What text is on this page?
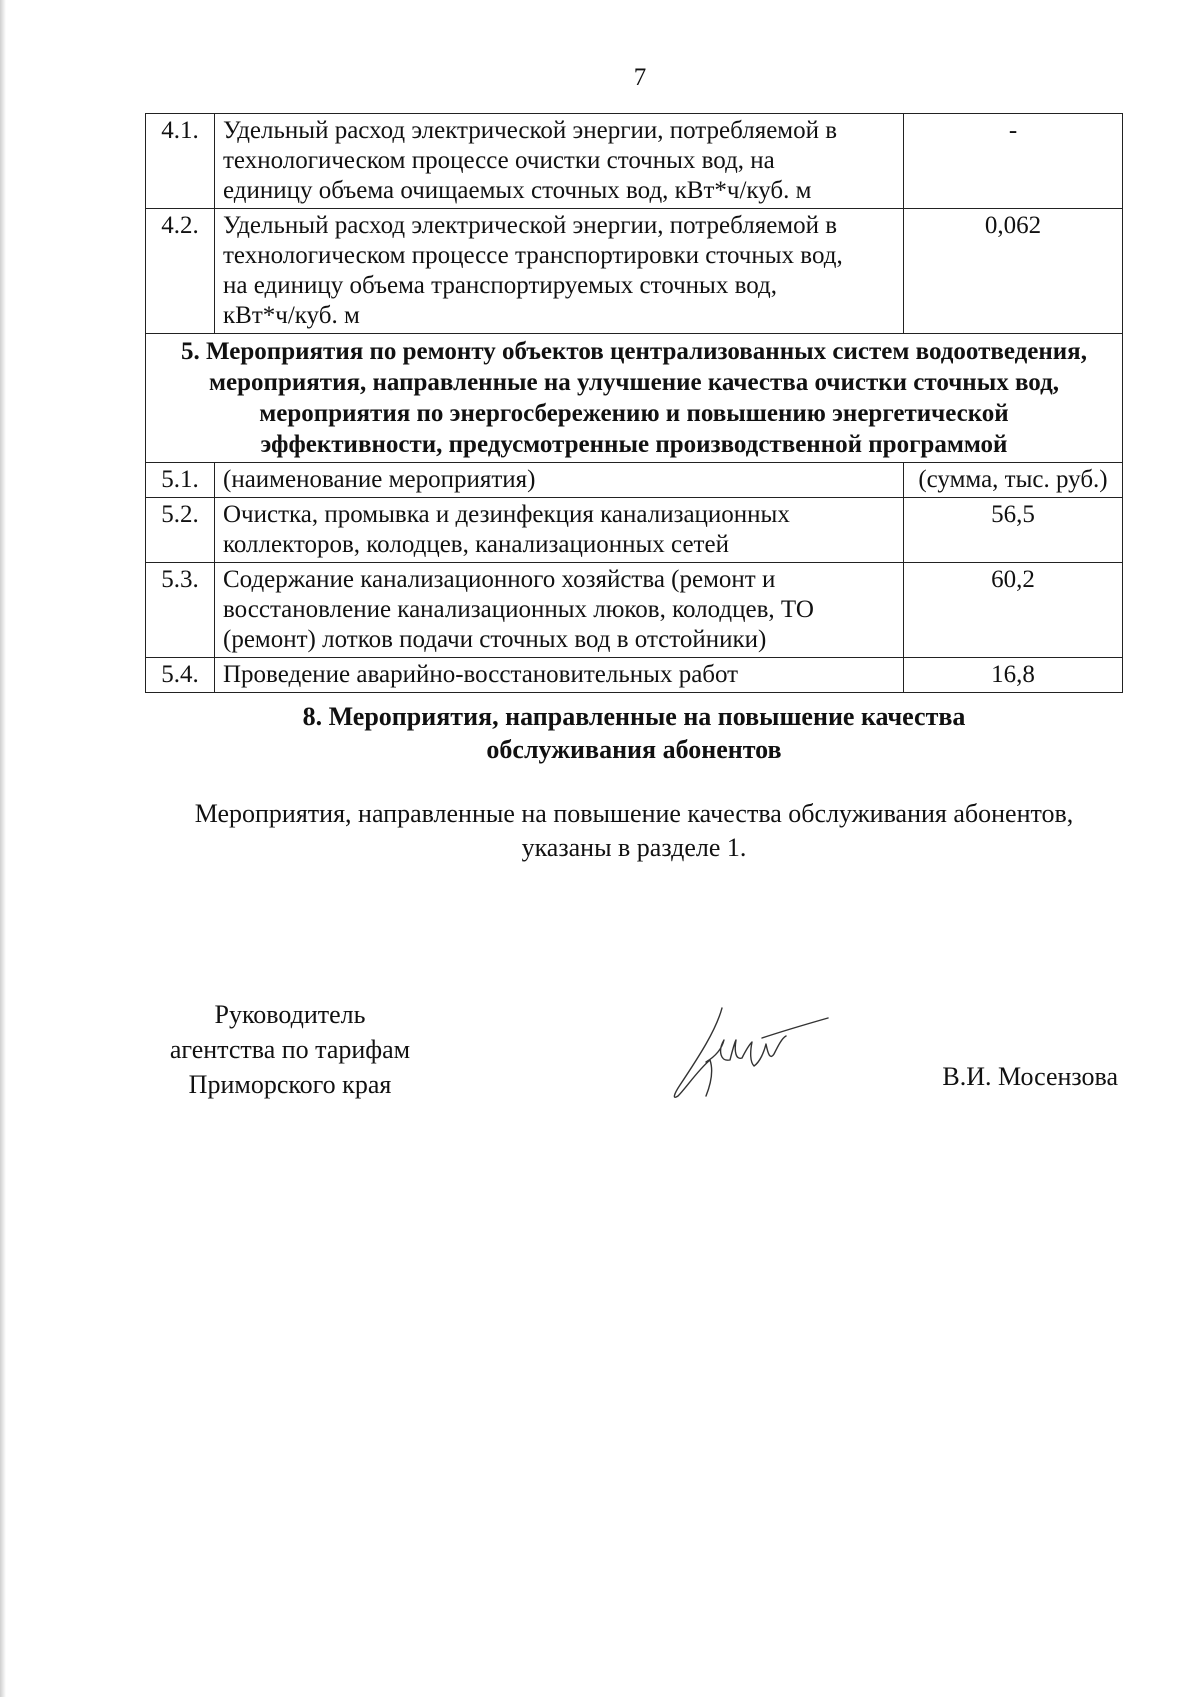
7
4.1.	Удельный расход электрической энергии, потребляемой в
технологическом процессе очистки сточных вод, на
единицу объема очищаемых сточных вод, кВт*ч/куб. м	-
4.2.	Удельный расход электрической энергии, потребляемой в
технологическом процессе транспортировки сточных вод,
на единицу объема транспортируемых сточных вод,
кВт*ч/куб. м	0,062
5. Мероприятия по ремонту объектов централизованных систем водоотведения,
мероприятия, направленные на улучшение качества очистки сточных вод,
мероприятия по энергосбережению и повышению энергетической
эффективности, предусмотренные производственной программой		
5.1.	(наименование мероприятия)	(сумма, тыс. руб.)
5.2.	Очистка, промывка и дезинфекция канализационных
коллекторов, колодцев, канализационных сетей	56,5
5.3.	Содержание канализационного хозяйства (ремонт и
восстановление канализационных люков, колодцев, ТО
(ремонт) лотков подачи сточных вод в отстойники)	60,2
5.4.	Проведение аварийно-восстановительных работ	16,8
8. Мероприятия, направленные на повышение качества
обслуживания абонентов
Мероприятия, направленные на повышение качества обслуживания абонентов,
указаны в разделе 1.
Руководитель
агентства по тарифам
Приморского края	В.И. Мосензова
